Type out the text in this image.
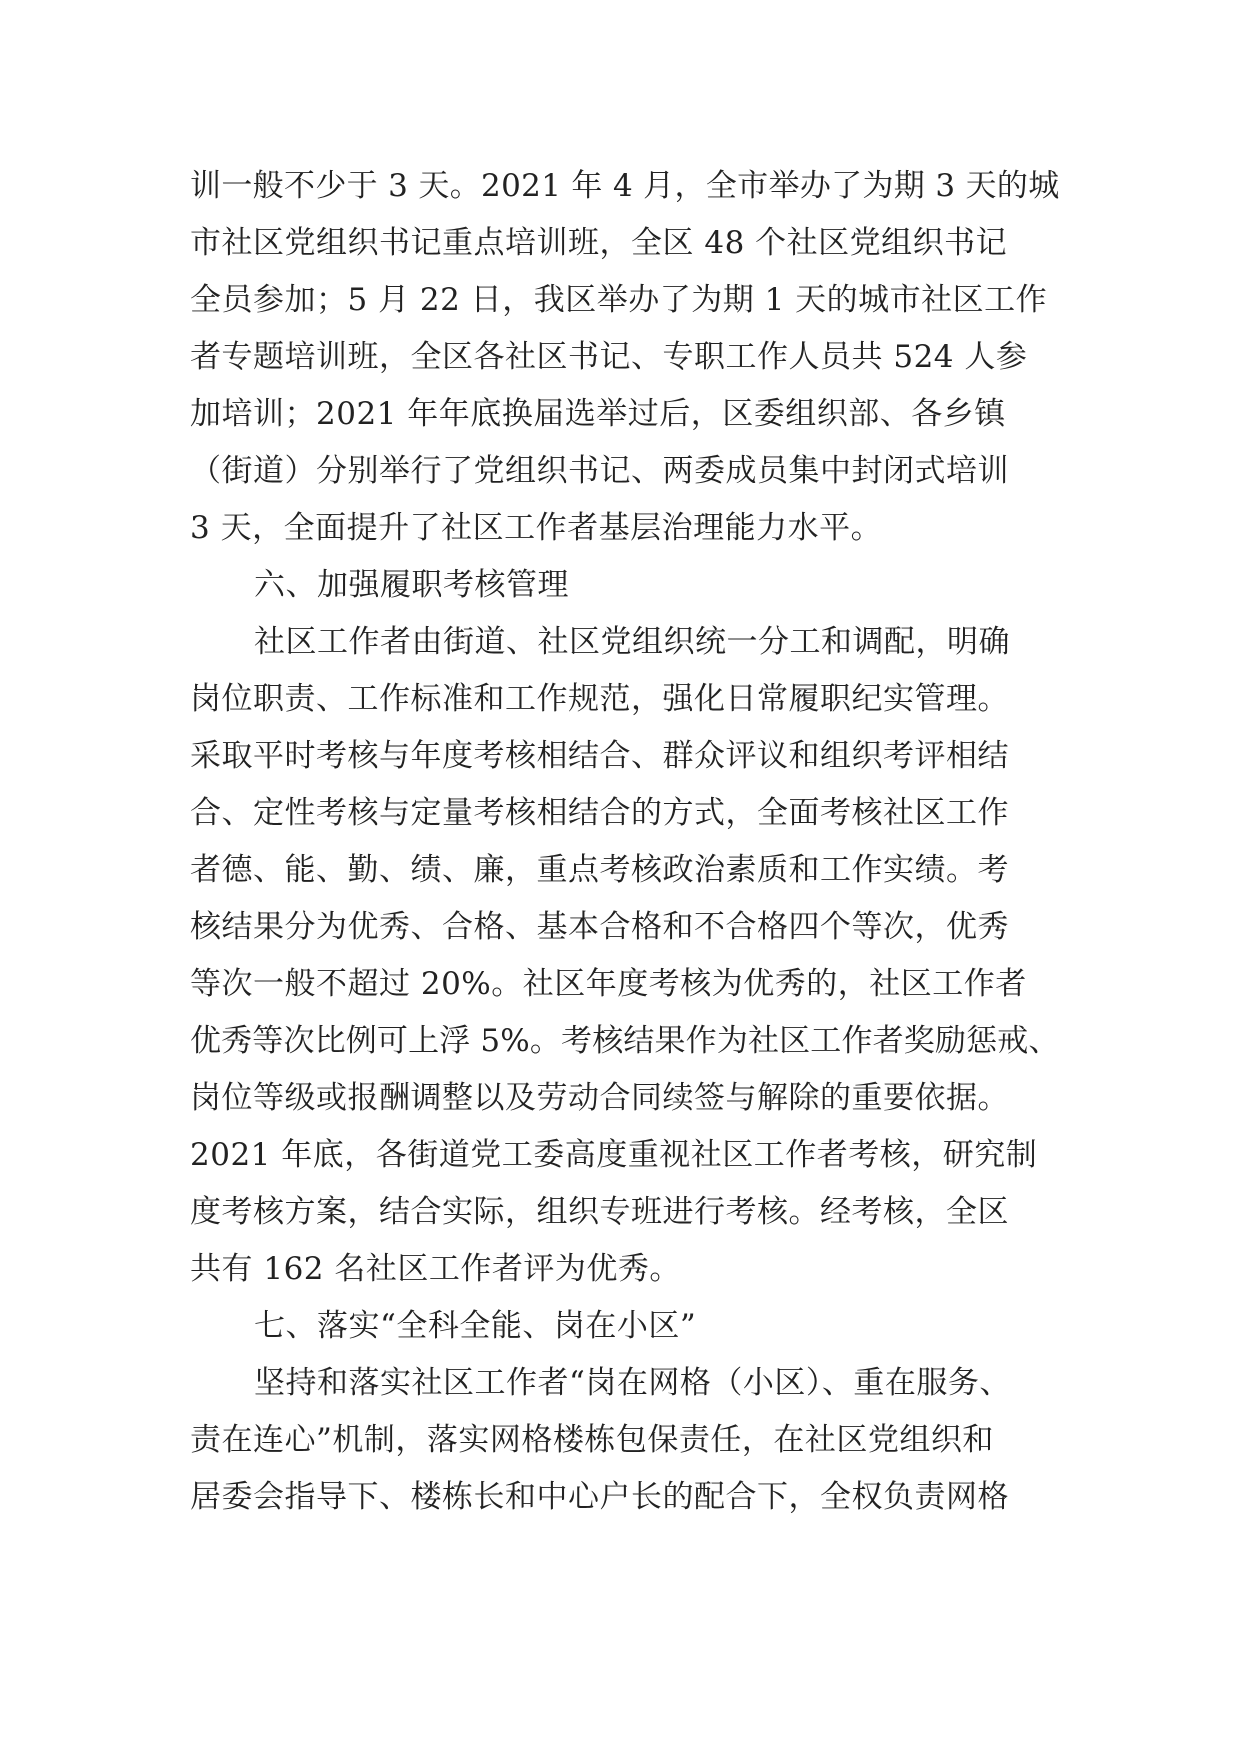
训一般不少于 3 天。2021 年 4 月，全市举办了为期 3 天的城
市社区党组织书记重点培训班，全区 48 个社区党组织书记
全员参加；5 月 22 日，我区举办了为期 1 天的城市社区工作
者专题培训班，全区各社区书记、专职工作人员共 524 人参
加培训；2021 年年底换届选举过后，区委组织部、各乡镇
（街道）分别举行了党组织书记、两委成员集中封闭式培训
3 天，全面提升了社区工作者基层治理能力水平。
六、加强履职考核管理
社区工作者由街道、社区党组织统一分工和调配，明确
岗位职责、工作标准和工作规范，强化日常履职纪实管理。
采取平时考核与年度考核相结合、群众评议和组织考评相结
合、定性考核与定量考核相结合的方式，全面考核社区工作
者德、能、勤、绩、廉，重点考核政治素质和工作实绩。考
核结果分为优秀、合格、基本合格和不合格四个等次，优秀
等次一般不超过 20%。社区年度考核为优秀的，社区工作者
优秀等次比例可上浮 5%。考核结果作为社区工作者奖励惩戒、
岗位等级或报酬调整以及劳动合同续签与解除的重要依据。
2021 年底，各街道党工委高度重视社区工作者考核，研究制
度考核方案，结合实际，组织专班进行考核。经考核，全区
共有 162 名社区工作者评为优秀。
七、落实“全科全能、岗在小区”
坚持和落实社区工作者“岗在网格（小区）、重在服务、
责在连心”机制，落实网格楼栋包保责任，在社区党组织和
居委会指导下、楼栋长和中心户长的配合下，全权负责网格
